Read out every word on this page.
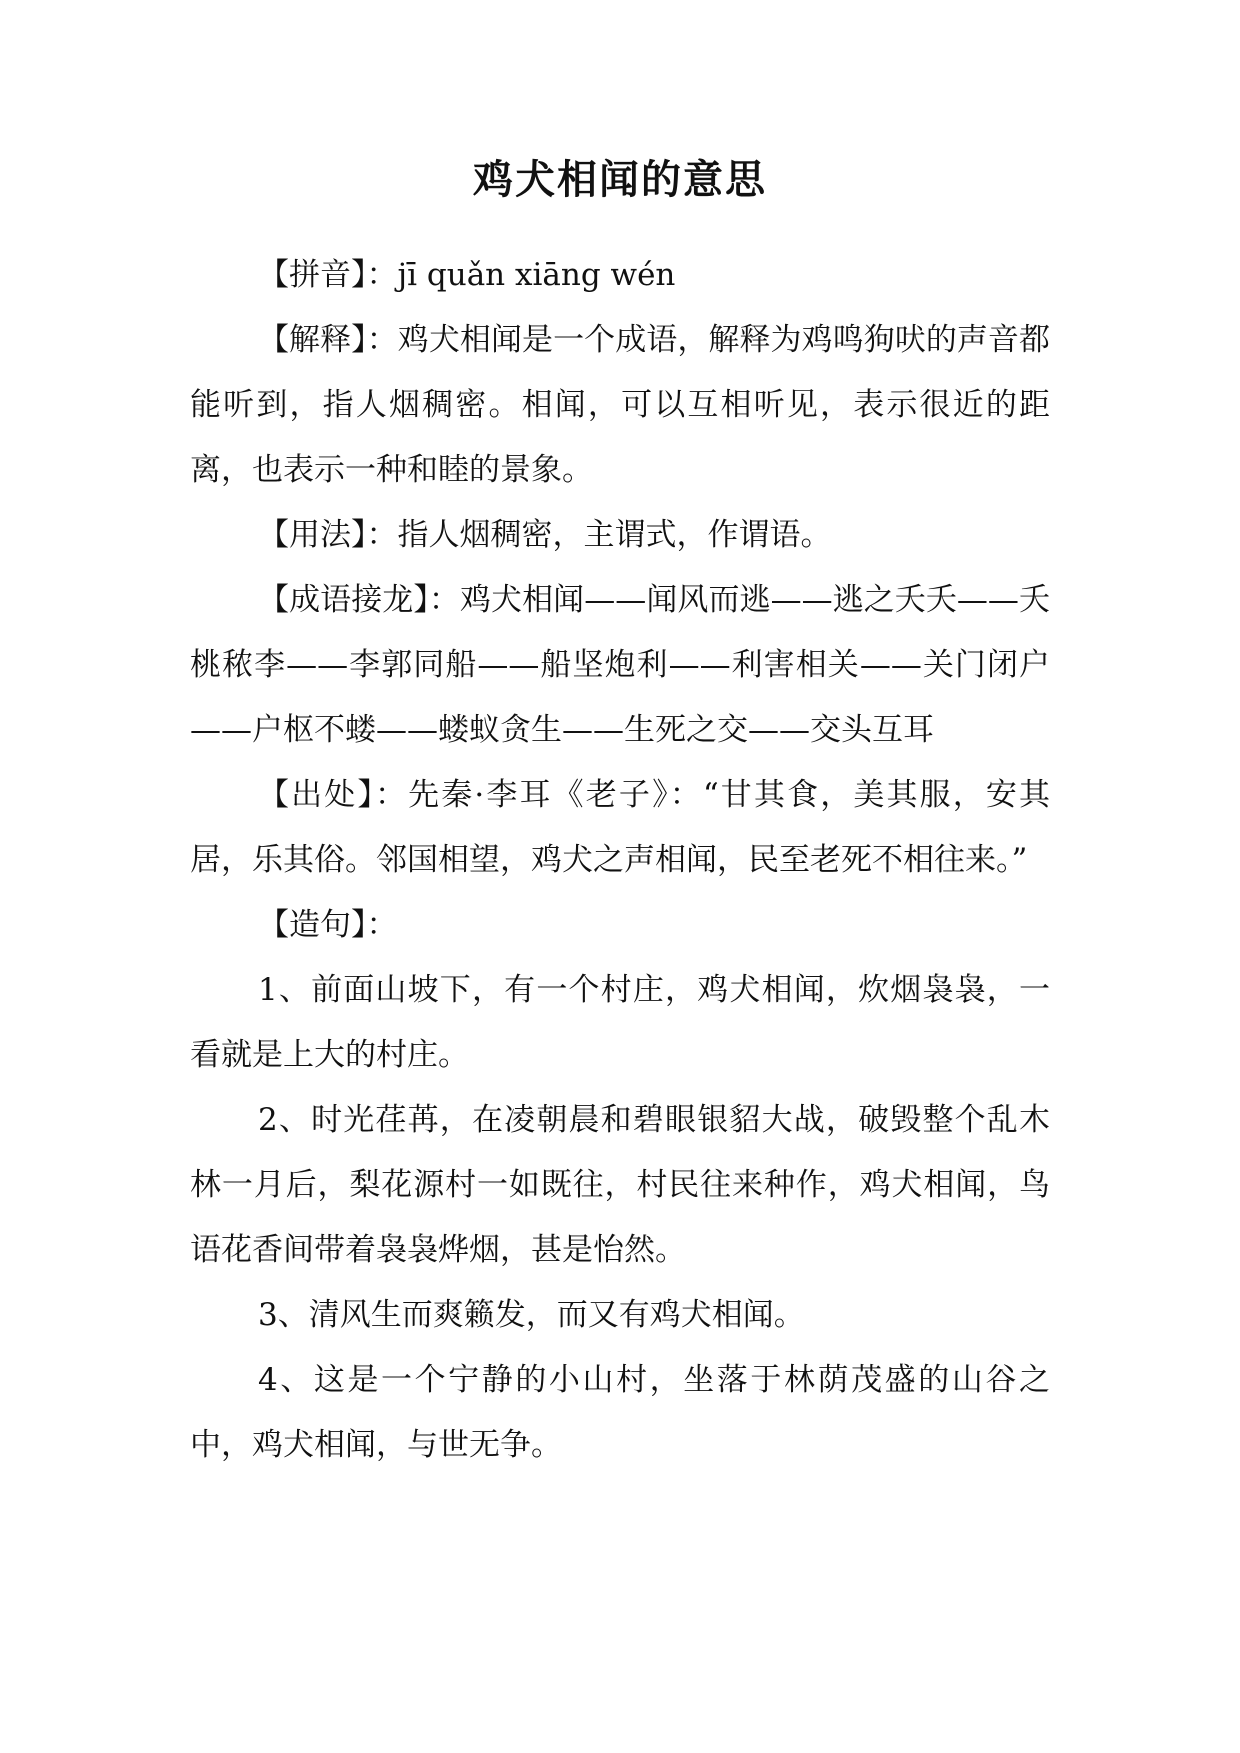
鸡犬相闻的意思

【拼音】：jī quǎn xiāng wén

【解释】：鸡犬相闻是一个成语，解释为鸡鸣狗吠的声音都能听到，指人烟稠密。相闻，可以互相听见，表示很近的距离，也表示一种和睦的景象。

【用法】：指人烟稠密，主谓式，作谓语。

【成语接龙】：鸡犬相闻——闻风而逃——逃之夭夭——夭桃秾李——李郭同船——船坚炮利——利害相关——关门闭户——户枢不蝼——蝼蚁贪生——生死之交——交头互耳

【出处】：先秦·李耳《老子》：“甘其食，美其服，安其居，乐其俗。邻国相望，鸡犬之声相闻，民至老死不相往来。”

【造句】：

1、前面山坡下，有一个村庄，鸡犬相闻，炊烟袅袅，一看就是上大的村庄。

2、时光荏苒，在凌朝晨和碧眼银貂大战，破毁整个乱木林一月后，梨花源村一如既往，村民往来种作，鸡犬相闻，鸟语花香间带着袅袅烨烟，甚是怡然。

3、清风生而爽籁发，而又有鸡犬相闻。

4、这是一个宁静的小山村，坐落于林荫茂盛的山谷之中，鸡犬相闻，与世无争。
